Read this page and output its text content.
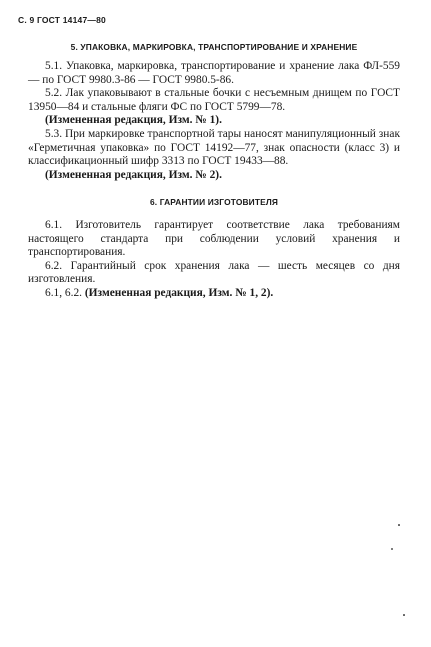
С. 9 ГОСТ 14147—80
5. УПАКОВКА, МАРКИРОВКА, ТРАНСПОРТИРОВАНИЕ И ХРАНЕНИЕ

5.1. Упаковка, маркировка, транспортирование и хранение лака ФЛ-559 — по ГОСТ 9980.3-86 — ГОСТ 9980.5-86.

5.2. Лак упаковывают в стальные бочки с несъемным днищем по ГОСТ 13950—84 и стальные фляги ФС по ГОСТ 5799—78.

(Измененная редакция, Изм. № 1).

5.3. При маркировке транспортной тары наносят манипуляционный знак «Герметичная упаковка» по ГОСТ 14192—77, знак опасности (класс 3) и классификационный шифр 3313 по ГОСТ 19433—88.

(Измененная редакция, Изм. № 2).

6. ГАРАНТИИ ИЗГОТОВИТЕЛЯ

6.1. Изготовитель гарантирует соответствие лака требованиям настоящего стандарта при соблюдении условий хранения и транспортирования.

6.2. Гарантийный срок хранения лака — шесть месяцев со дня изготовления.

6.1, 6.2. (Измененная редакция, Изм. № 1, 2).
